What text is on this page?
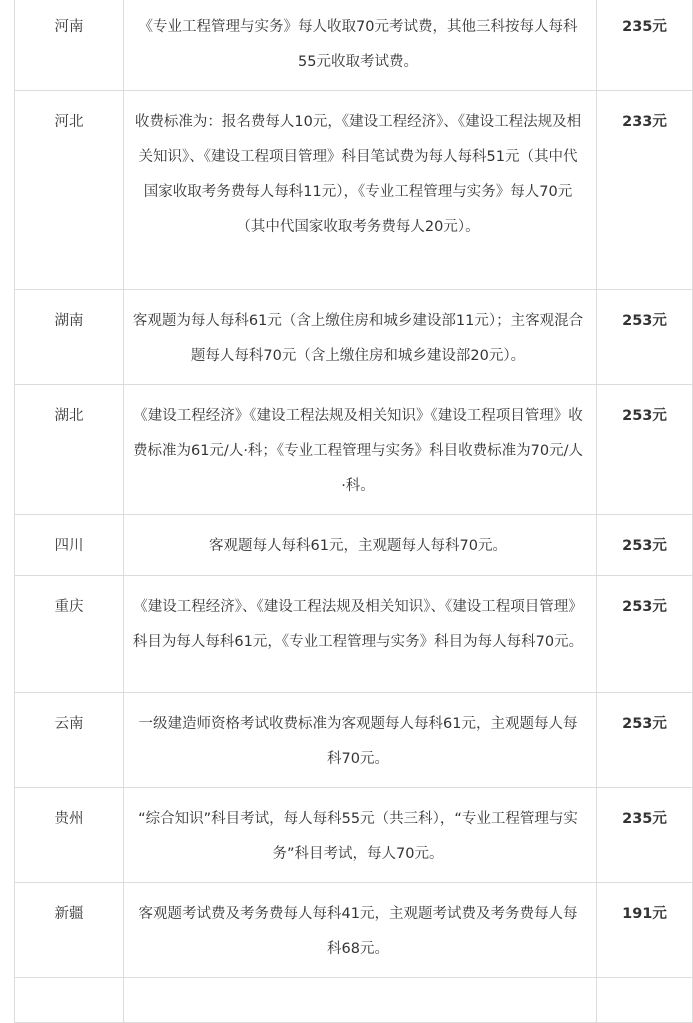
河南	《专业工程管理与实务》每人收取70元考试费，其他三科按每人每科55元收取考试费。	235元
河北	收费标准为：报名费每人10元，《建设工程经济》、《建设工程法规及相关知识》、《建设工程项目管理》科目笔试费为每人每科51元（其中代国家收取考务费每人每科11元），《专业工程管理与实务》每人70元（其中代国家收取考务费每人20元）。	233元
湖南	客观题为每人每科61元（含上缴住房和城乡建设部11元）；主客观混合题每人每科70元（含上缴住房和城乡建设部20元）。	253元
湖北	《建设工程经济》《建设工程法规及相关知识》《建设工程项目管理》收费标准为61元/人·科；《专业工程管理与实务》科目收费标准为70元/人·科。	253元
四川	客观题每人每科61元，主观题每人每科70元。	253元
重庆	《建设工程经济》、《建设工程法规及相关知识》、《建设工程项目管理》科目为每人每科61元，《专业工程管理与实务》科目为每人每科70元。	253元
云南	一级建造师资格考试收费标准为客观题每人每科61元，主观题每人每科70元。	253元
贵州	“综合知识”科目考试，每人每科55元（共三科），“专业工程管理与实务”科目考试，每人70元。	235元
新疆	客观题考试费及考务费每人每科41元，主观题考试费及考务费每人每科68元。	191元
